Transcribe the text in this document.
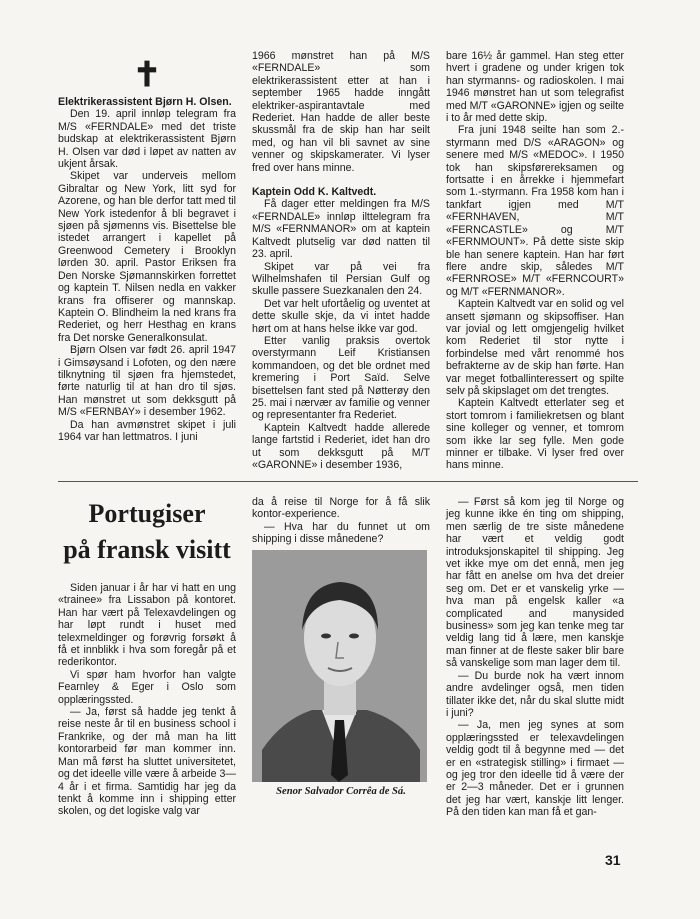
✝

Elektrikerassistent Bjørn H. Olsen.

Den 19. april innløp telegram fra M/S «FERNDALE» med det triste budskap at elektrikerassistent Bjørn H. Olsen var død i løpet av natten av ukjent årsak.

Skipet var underveis mellom Gibraltar og New York, litt syd for Azorene, og han ble derfor tatt med til New York istedenfor å bli begravet i sjøen på sjømenns vis. Bisettelse ble istedet arrangert i kapellet på Greenwood Cemetery i Brooklyn lørden 30. april. Pastor Eriksen fra Den Norske Sjømannskirken forrettet og kaptein T. Nilsen nedla en vakker krans fra offiserer og mannskap. Kaptein O. Blindheim la ned krans fra Rederiet, og herr Hesthag en krans fra Det norske Generalkonsulat.

Bjørn Olsen var født 26. april 1947 i Gimsøysand i Lofoten, og den nære tilknytning til sjøen fra hjemstedet, førte naturlig til at han dro til sjøs. Han mønstret ut som dekksgutt på M/S «FERNBAY» i desember 1962.

Da han avmønstret skipet i juli 1964 var han lettmatros. I juni

1966 mønstret han på M/S «FERNDALE» som elektrikerassistent etter at han i september 1965 hadde inngått elektriker-aspirantavtale med Rederiet. Han hadde de aller beste skussmål fra de skip han har seilt med, og han vil bli savnet av sine venner og skipskamerater. Vi lyser fred over hans minne.

Kaptein Odd K. Kaltvedt.

Få dager etter meldingen fra M/S «FERNDALE» innløp ilttelegram fra M/S «FERNMANOR» om at kaptein Kaltvedt plutselig var død natten til 23. april.

Skipet var på vei fra Wilhelmshafen til Persian Gulf og skulle passere Suezkanalen den 24.

Det var helt ufortåelig og uventet at dette skulle skje, da vi intet hadde hørt om at hans helse ikke var god.

Etter vanlig praksis overtok overstyrmann Leif Kristiansen kommandoen, og det ble ordnet med kremering i Port Saïd. Selve bisettelsen fant sted på Nøtterøy den 25. mai i nærvær av familie og venner og representanter fra Rederiet.

Kaptein Kaltvedt hadde allerede lange fartstid i Rederiet, idet han dro ut som dekksgutt på M/T «GARONNE» i desember 1936,

bare 16½ år gammel. Han steg etter hvert i gradene og under krigen tok han styrmanns- og radioskolen. I mai 1946 mønstret han ut som telegrafist med M/T «GARONNE» igjen og seilte i to år med dette skip.

Fra juni 1948 seilte han som 2.-styrmann med D/S «ARAGON» og senere med M/S «MEDOC». I 1950 tok han skipsførereksamen og fortsatte i en årrekke i hjemmefart som 1.-styrmann. Fra 1958 kom han i tankfart igjen med M/T «FERNHAVEN, M/T «FERNCASTLE» og M/T «FERNMOUNT». På dette siste skip ble han senere kaptein. Han har ført flere andre skip, således M/T «FERNROSE» M/T «FERNCOURT» og M/T «FERNMANOR».

Kaptein Kaltvedt var en solid og vel ansett sjømann og skipsoffiser. Han var jovial og lett omgjengelig hvilket kom Rederiet til stor nytte i forbindelse med vårt renommé hos befrakterne av de skip han førte. Han var meget fotballinteressert og spilte selv på skipslaget om det trengtes.

Kaptein Kaltvedt etterlater seg et stort tomrom i familiekretsen og blant sine kolleger og venner, et tomrom som ikke lar seg fylle. Men gode minner er tilbake. Vi lyser fred over hans minne.

Portugiser
på fransk visitt

Siden januar i år har vi hatt en ung «trainee» fra Lissabon på kontoret. Han har vært på Telexavdelingen og har løpt rundt i huset med telexmeldinger og forøvrig forsøkt å få et innblikk i hva som foregår på et rederikontor.

Vi spør ham hvorfor han valgte Fearnley & Eger i Oslo som opplæringssted.

— Ja, først så hadde jeg tenkt å reise neste år til en business school i Frankrike, og der må man ha litt kontorarbeid før man kommer inn. Man må først ha sluttet universitetet, og det ideelle ville være å arbeide 3—4 år i et firma. Samtidig har jeg da tenkt å komme inn i shipping etter skolen, og det logiske valg var

da å reise til Norge for å få slik kontor-experience.

— Hva har du funnet ut om shipping i disse månedene?

Senor Salvador Corrêa de Sá.

— Først så kom jeg til Norge og jeg kunne ikke én ting om shipping, men særlig de tre siste månedene har vært et veldig godt introduksjonskapitel til shipping. Jeg vet ikke mye om det ennå, men jeg har fått en anelse om hva det dreier seg om. Det er et vanskelig yrke — hva man på engelsk kaller «a complicated and manysided business» som jeg kan tenke meg tar veldig lang tid å lære, men kanskje man finner at de fleste saker blir bare så vanskelige som man lager dem til.

— Du burde nok ha vært innom andre avdelinger også, men tiden tillater ikke det, når du skal slutte midt i juni?

— Ja, men jeg synes at som opplæringssted er telexavdelingen veldig godt til å begynne med — det er en «strategisk stilling» i firmaet — og jeg tror den ideelle tid å være der er 2—3 måneder. Det er i grunnen det jeg har vært, kanskje litt lenger. På den tiden kan man få et gan-

31
